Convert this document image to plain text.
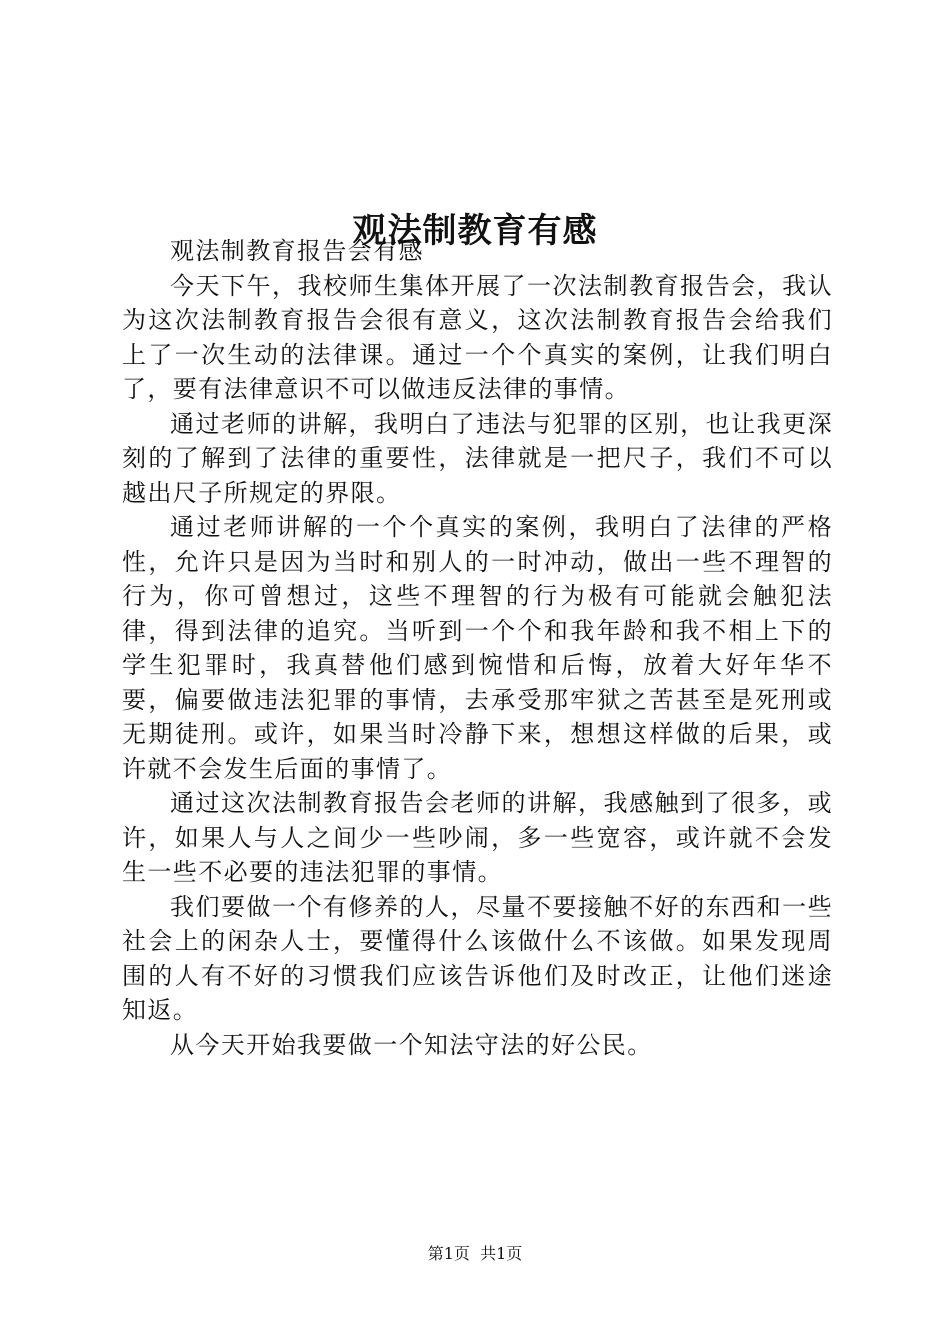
观法制教育有感

观法制教育报告会有感

今天下午，我校师生集体开展了一次法制教育报告会，我认为这次法制教育报告会很有意义，这次法制教育报告会给我们上了一次生动的法律课。通过一个个真实的案例，让我们明白了，要有法律意识不可以做违反法律的事情。

通过老师的讲解，我明白了违法与犯罪的区别，也让我更深刻的了解到了法律的重要性，法律就是一把尺子，我们不可以越出尺子所规定的界限。

通过老师讲解的一个个真实的案例，我明白了法律的严格性，允许只是因为当时和别人的一时冲动，做出一些不理智的行为，你可曾想过，这些不理智的行为极有可能就会触犯法律，得到法律的追究。当听到一个个和我年龄和我不相上下的学生犯罪时，我真替他们感到惋惜和后悔，放着大好年华不要，偏要做违法犯罪的事情，去承受那牢狱之苦甚至是死刑或无期徒刑。或许，如果当时冷静下来，想想这样做的后果，或许就不会发生后面的事情了。

通过这次法制教育报告会老师的讲解，我感触到了很多，或许，如果人与人之间少一些吵闹，多一些宽容，或许就不会发生一些不必要的违法犯罪的事情。

我们要做一个有修养的人，尽量不要接触不好的东西和一些社会上的闲杂人士，要懂得什么该做什么不该做。如果发现周围的人有不好的习惯我们应该告诉他们及时改正，让他们迷途知返。

从今天开始我要做一个知法守法的好公民。

第1页 共1页
